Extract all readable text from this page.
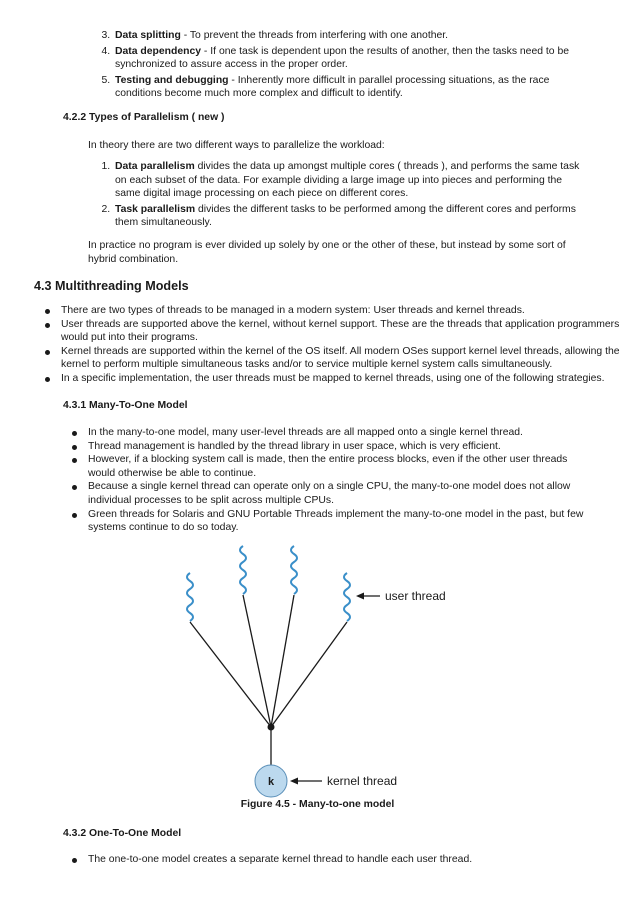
3. Data splitting - To prevent the threads from interfering with one another.
4. Data dependency - If one task is dependent upon the results of another, then the tasks need to be synchronized to assure access in the proper order.
5. Testing and debugging - Inherently more difficult in parallel processing situations, as the race conditions become much more complex and difficult to identify.
4.2.2 Types of Parallelism ( new )

In theory there are two different ways to parallelize the workload:

1. Data parallelism divides the data up amongst multiple cores ( threads ), and performs the same task on each subset of the data. For example dividing a large image up into pieces and performing the same digital image processing on each piece on different cores.
2. Task parallelism divides the different tasks to be performed among the different cores and performs them simultaneously.

In practice no program is ever divided up solely by one or the other of these, but instead by some sort of hybrid combination.

4.3 Multithreading Models
There are two types of threads to be managed in a modern system: User threads and kernel threads.
User threads are supported above the kernel, without kernel support. These are the threads that application programmers would put into their programs.
Kernel threads are supported within the kernel of the OS itself. All modern OSes support kernel level threads, allowing the kernel to perform multiple simultaneous tasks and/or to service multiple kernel system calls simultaneously.
In a specific implementation, the user threads must be mapped to kernel threads, using one of the following strategies.
4.3.1 Many-To-One Model
In the many-to-one model, many user-level threads are all mapped onto a single kernel thread.
Thread management is handled by the thread library in user space, which is very efficient.
However, if a blocking system call is made, then the entire process blocks, even if the other user threads would otherwise be able to continue.
Because a single kernel thread can operate only on a single CPU, the many-to-one model does not allow individual processes to be split across multiple CPUs.
Green threads for Solaris and GNU Portable Threads implement the many-to-one model in the past, but few systems continue to do so today.
k
user thread
kernel thread
Figure 4.5 - Many-to-one model
4.3.2 One-To-One Model
The one-to-one model creates a separate kernel thread to handle each user thread.
